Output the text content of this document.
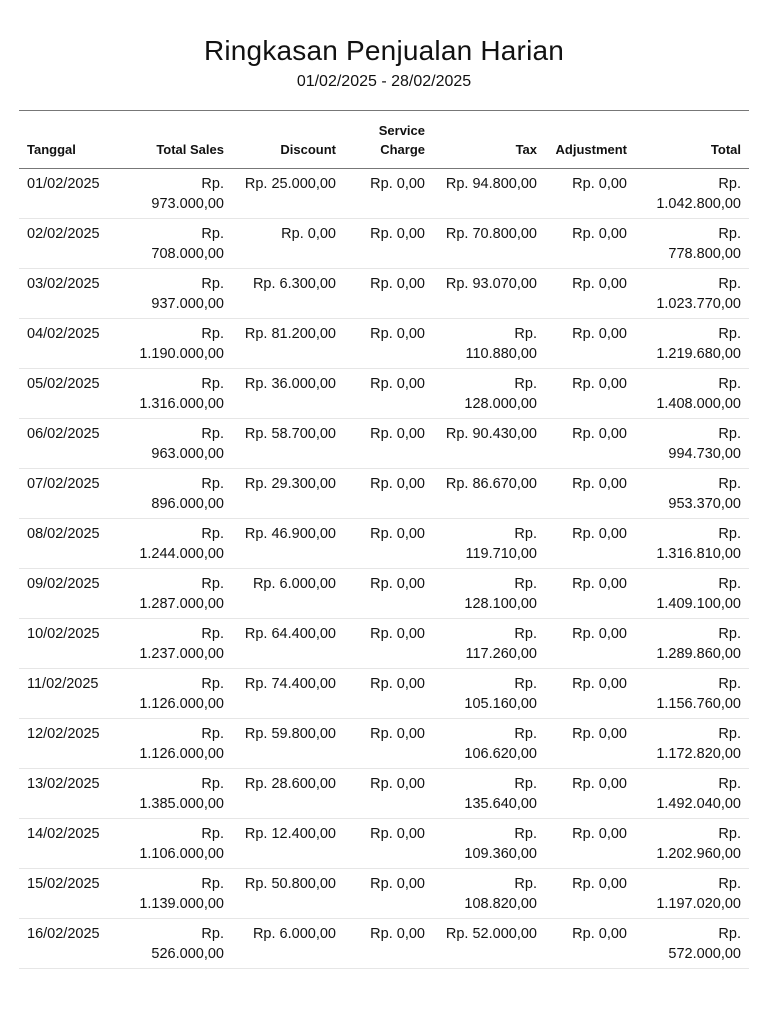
Ringkasan Penjualan Harian
01/02/2025 - 28/02/2025
Tanggal	Total Sales	Discount	Service Charge	Tax	Adjustment	Total
01/02/2025	Rp. 973.000,00	Rp. 25.000,00	Rp. 0,00	Rp. 94.800,00	Rp. 0,00	Rp. 1.042.800,00
02/02/2025	Rp. 708.000,00	Rp. 0,00	Rp. 0,00	Rp. 70.800,00	Rp. 0,00	Rp. 778.800,00
03/02/2025	Rp. 937.000,00	Rp. 6.300,00	Rp. 0,00	Rp. 93.070,00	Rp. 0,00	Rp. 1.023.770,00
04/02/2025	Rp. 1.190.000,00	Rp. 81.200,00	Rp. 0,00	Rp. 110.880,00	Rp. 0,00	Rp. 1.219.680,00
05/02/2025	Rp. 1.316.000,00	Rp. 36.000,00	Rp. 0,00	Rp. 128.000,00	Rp. 0,00	Rp. 1.408.000,00
06/02/2025	Rp. 963.000,00	Rp. 58.700,00	Rp. 0,00	Rp. 90.430,00	Rp. 0,00	Rp. 994.730,00
07/02/2025	Rp. 896.000,00	Rp. 29.300,00	Rp. 0,00	Rp. 86.670,00	Rp. 0,00	Rp. 953.370,00
08/02/2025	Rp. 1.244.000,00	Rp. 46.900,00	Rp. 0,00	Rp. 119.710,00	Rp. 0,00	Rp. 1.316.810,00
09/02/2025	Rp. 1.287.000,00	Rp. 6.000,00	Rp. 0,00	Rp. 128.100,00	Rp. 0,00	Rp. 1.409.100,00
10/02/2025	Rp. 1.237.000,00	Rp. 64.400,00	Rp. 0,00	Rp. 117.260,00	Rp. 0,00	Rp. 1.289.860,00
11/02/2025	Rp. 1.126.000,00	Rp. 74.400,00	Rp. 0,00	Rp. 105.160,00	Rp. 0,00	Rp. 1.156.760,00
12/02/2025	Rp. 1.126.000,00	Rp. 59.800,00	Rp. 0,00	Rp. 106.620,00	Rp. 0,00	Rp. 1.172.820,00
13/02/2025	Rp. 1.385.000,00	Rp. 28.600,00	Rp. 0,00	Rp. 135.640,00	Rp. 0,00	Rp. 1.492.040,00
14/02/2025	Rp. 1.106.000,00	Rp. 12.400,00	Rp. 0,00	Rp. 109.360,00	Rp. 0,00	Rp. 1.202.960,00
15/02/2025	Rp. 1.139.000,00	Rp. 50.800,00	Rp. 0,00	Rp. 108.820,00	Rp. 0,00	Rp. 1.197.020,00
16/02/2025	Rp. 526.000,00	Rp. 6.000,00	Rp. 0,00	Rp. 52.000,00	Rp. 0,00	Rp. 572.000,00
